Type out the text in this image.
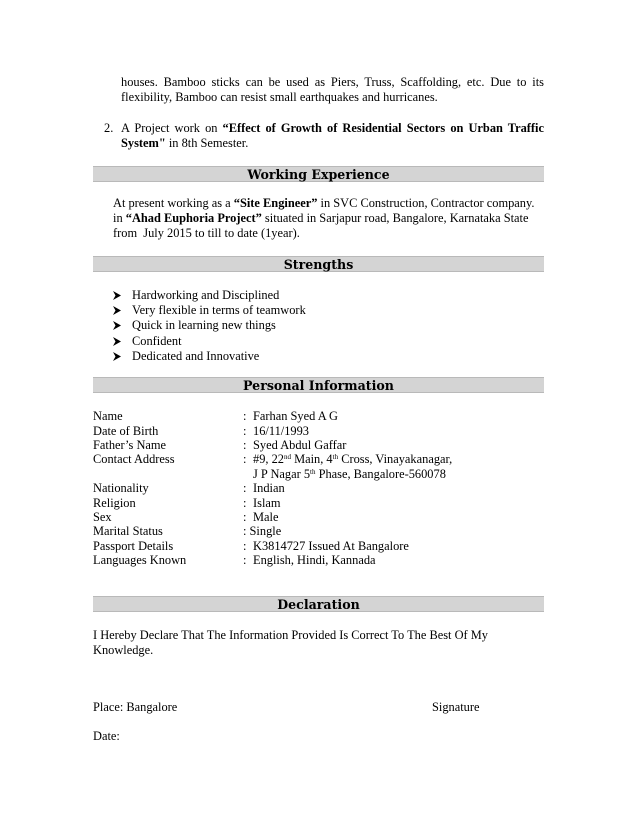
houses. Bamboo sticks can be used as Piers, Truss, Scaffolding, etc. Due to its
flexibility, Bamboo can resist small earthquakes and hurricanes.
2. A Project work on “Effect of Growth of Residential Sectors on Urban Traffic
System" in 8th Semester.
Working Experience
At present working as a “Site Engineer” in SVC Construction, Contractor company.
in “Ahad Euphoria Project” situated in Sarjapur road, Bangalore, Karnataka State
from  July 2015 to till to date (1year).
Strengths
Hardworking and Disciplined
Very flexible in terms of teamwork
Quick in learning new things
Confident
Dedicated and Innovative
Personal Information
Name	: Farhan Syed A G
Date of Birth	: 16/11/1993
Father’s Name	: Syed Abdul Gaffar
Contact Address	: #9, 22nd Main, 4th Cross, Vinayakanagar,
J P Nagar 5th Phase, Bangalore-560078
Nationality	: Indian
Religion	: Islam
Sex	: Male
Marital Status	: Single
Passport Details	: K3814727 Issued At Bangalore
Languages Known	: English, Hindi, Kannada
Declaration
I Hereby Declare That The Information Provided Is Correct To The Best Of My
Knowledge.
Place: Bangalore	Signature
Date:
